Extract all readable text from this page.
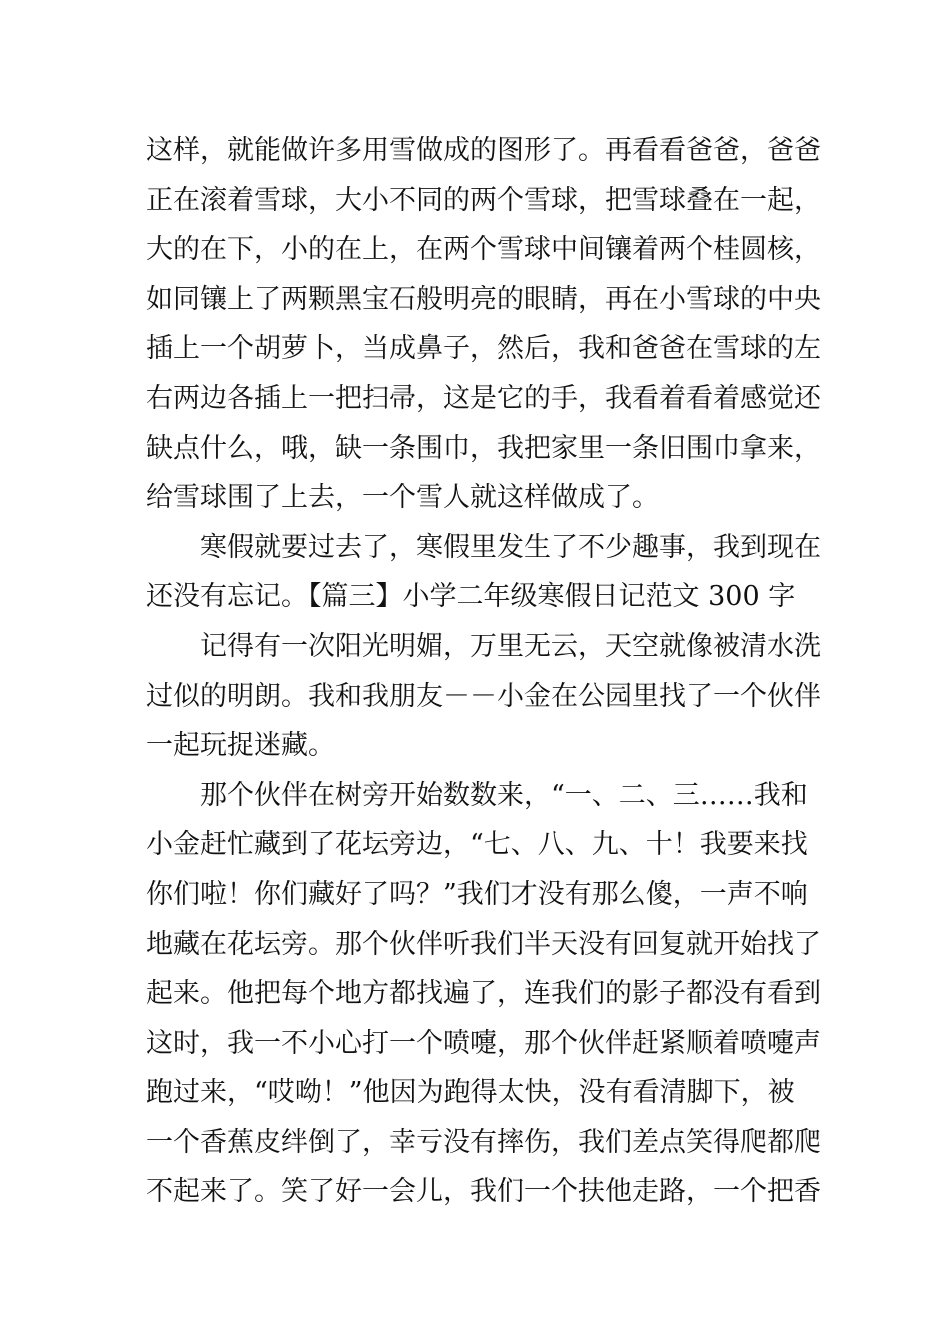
这样，就能做许多用雪做成的图形了。再看看爸爸，爸爸
正在滚着雪球，大小不同的两个雪球，把雪球叠在一起，
大的在下，小的在上，在两个雪球中间镶着两个桂圆核，
如同镶上了两颗黑宝石般明亮的眼睛，再在小雪球的中央
插上一个胡萝卜，当成鼻子，然后，我和爸爸在雪球的左
右两边各插上一把扫帚，这是它的手，我看着看着感觉还
缺点什么，哦，缺一条围巾，我把家里一条旧围巾拿来，
给雪球围了上去，一个雪人就这样做成了。
寒假就要过去了，寒假里发生了不少趣事，我到现在
还没有忘记。【篇三】小学二年级寒假日记范文 300 字
记得有一次阳光明媚，万里无云，天空就像被清水洗
过似的明朗。我和我朋友－－小金在公园里找了一个伙伴
一起玩捉迷藏。
那个伙伴在树旁开始数数来，“一、二、三……我和
小金赶忙藏到了花坛旁边，“七、八、九、十！我要来找
你们啦！你们藏好了吗？”我们才没有那么傻，一声不响
地藏在花坛旁。那个伙伴听我们半天没有回复就开始找了
起来。他把每个地方都找遍了，连我们的影子都没有看到
这时，我一不小心打一个喷嚏，那个伙伴赶紧顺着喷嚏声
跑过来，“哎呦！”他因为跑得太快，没有看清脚下，被
一个香蕉皮绊倒了，幸亏没有摔伤，我们差点笑得爬都爬
不起来了。笑了好一会儿，我们一个扶他走路，一个把香
